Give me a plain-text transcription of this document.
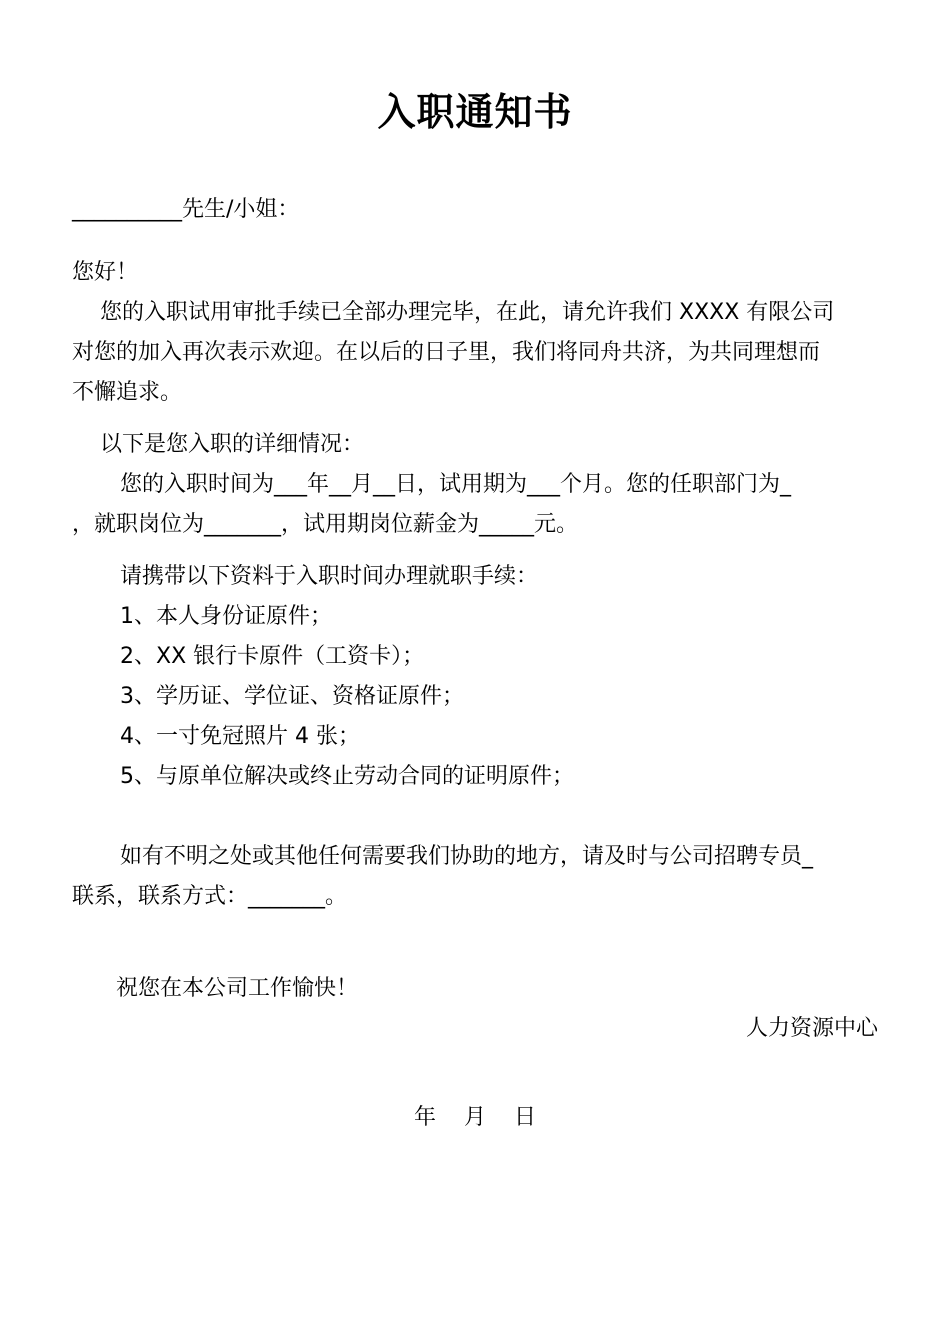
入职通知书
__________先生/小姐：
您好！
您的入职试用审批手续已全部办理完毕，在此，请允许我们 XXXX 有限公司
对您的加入再次表示欢迎。在以后的日子里，我们将同舟共济，为共同理想而
不懈追求。
以下是您入职的详细情况：
您的入职时间为___年__月__日，试用期为___个月。您的任职部门为_
，就职岗位为_______，试用期岗位薪金为_____元。
请携带以下资料于入职时间办理就职手续：
1、本人身份证原件；
2、XX 银行卡原件（工资卡）；
3、学历证、学位证、资格证原件；
4、一寸免冠照片 4 张；
5、与原单位解决或终止劳动合同的证明原件；
如有不明之处或其他任何需要我们协助的地方，请及时与公司招聘专员_
联系，联系方式：_______。
祝您在本公司工作愉快！
人力资源中心
年    月    日
